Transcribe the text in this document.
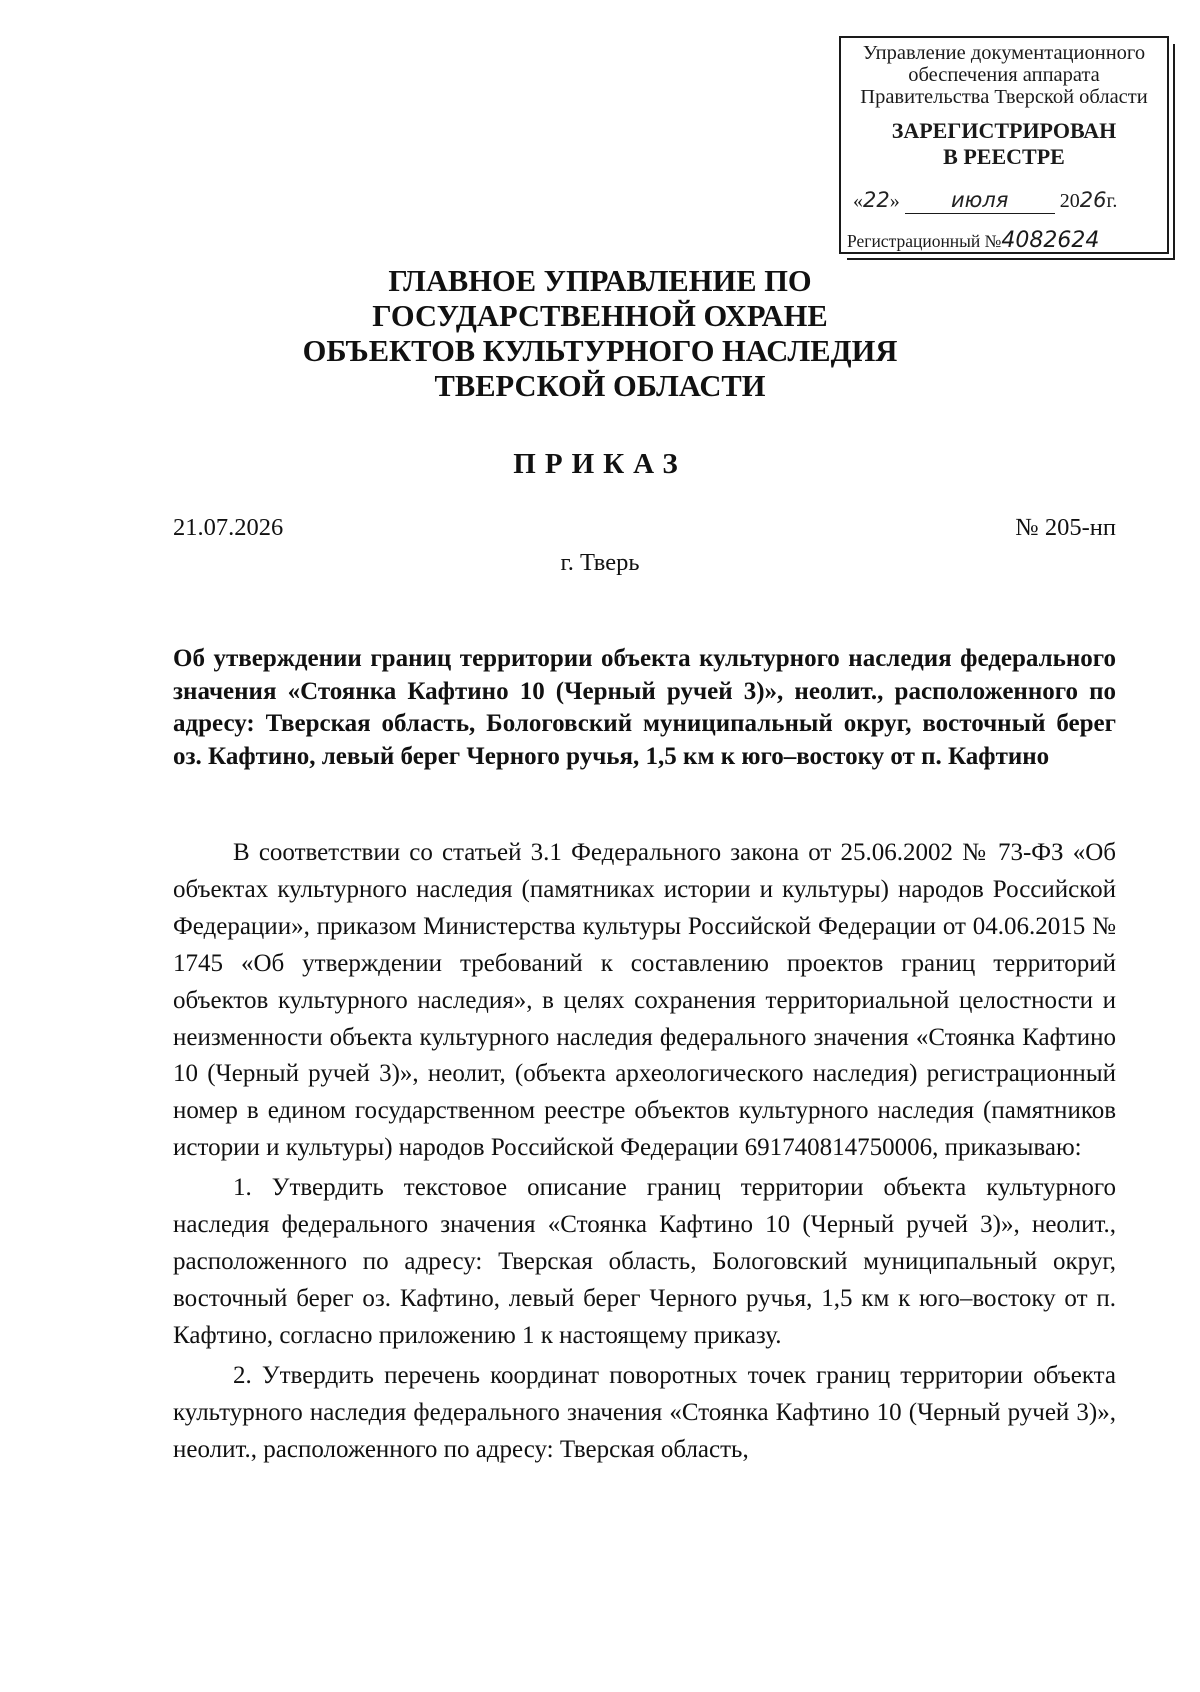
Управление документационного
обеспечения аппарата
Правительства Тверской области
ЗАРЕГИСТРИРОВАН
В РЕЕСТРЕ
«22» июля	2026г.
Регистрационный №4082624
ГЛАВНОЕ УПРАВЛЕНИЕ ПО
ГОСУДАРСТВЕННОЙ ОХРАНЕ
ОБЪЕКТОВ КУЛЬТУРНОГО НАСЛЕДИЯ
ТВЕРСКОЙ ОБЛАСТИ
ПРИКАЗ
21.07.2026	№ 205-нп
г. Тверь
Об утверждении границ территории объекта культурного наследия федерального значения «Стоянка Кафтино 10 (Черный ручей 3)», неолит., расположенного по адресу: Тверская область, Бологовский муниципальный округ, восточный берег оз. Кафтино, левый берег Черного ручья, 1,5 км к юго–востоку от п. Кафтино

В соответствии со статьей 3.1 Федерального закона от 25.06.2002 № 73-ФЗ «Об объектах культурного наследия (памятниках истории и культуры) народов Российской Федерации», приказом Министерства культуры Российской Федерации от 04.06.2015 № 1745 «Об утверждении требований к составлению проектов границ территорий объектов культурного наследия», в целях сохранения территориальной целостности и неизменности объекта культурного наследия федерального значения «Стоянка Кафтино 10 (Черный ручей 3)», неолит, (объекта археологического наследия) регистрационный номер в едином государственном реестре объектов культурного наследия (памятников истории и культуры) народов Российской Федерации 691740814750006, приказываю:

1. Утвердить текстовое описание границ территории объекта культурного наследия федерального значения «Стоянка Кафтино 10 (Черный ручей 3)», неолит., расположенного по адресу: Тверская область, Бологовский муниципальный округ, восточный берег оз. Кафтино, левый берег Черного ручья, 1,5 км к юго–востоку от п. Кафтино, согласно приложению 1 к настоящему приказу.

2. Утвердить перечень координат поворотных точек границ территории объекта культурного наследия федерального значения «Стоянка Кафтино 10 (Черный ручей 3)», неолит., расположенного по адресу: Тверская область,
